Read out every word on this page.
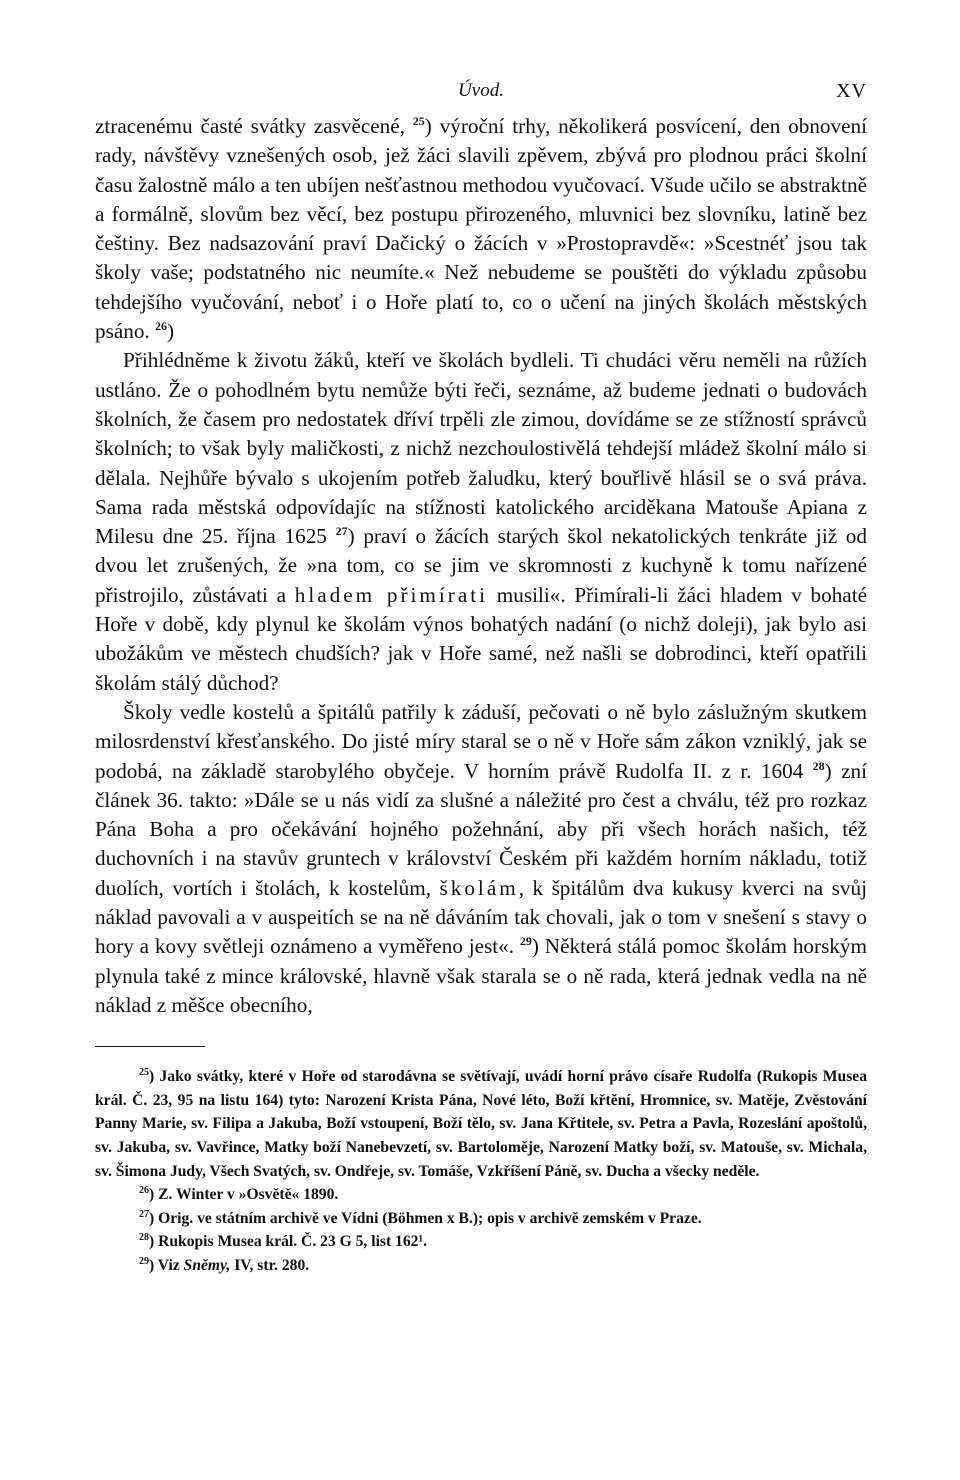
Úvod.	XV

ztracenému časté svátky zasvěcené, $^{25}$) výroční trhy, několikerá posvícení, den obnovení rady, návštěvy vznešených osob, jež žáci slavili zpěvem, zbývá pro plodnou práci školní času žalostně málo a ten ubíjen nešťastnou methodou vyučovací. Všude učilo se abstraktně a formálně, slovům bez věcí, bez postupu přirozeného, mluvnici bez slovníku, latině bez češtiny. Bez nadsazování praví Dačický o žácích v »Prostopravdě«: »Scestnéť jsou tak školy vaše; podstatného nic neumíte.« Než nebudeme se pouštěti do výkladu způsobu tehdejšího vyučování, neboť i o Hoře platí to, co o učení na jiných školách městských psáno. $^{26}$)

Přihlédněme k životu žáků, kteří ve školách bydleli. Ti chudáci věru neměli na růžích ustláno. Že o pohodlném bytu nemůže býti řeči, seznáme, až budeme jednati o budovách školních, že časem pro nedostatek dříví trpěli zle zimou, dovídáme se ze stížností správců školních; to však byly maličkosti, z nichž nezchoulostivělá tehdejší mládež školní málo si dělala. Nejhůře bývalo s ukojením potřeb žaludku, který bouřlivě hlásil se o svá práva. Sama rada městská odpovídajíc na stížnosti katolického arciděkana Matouše Apiana z Milesu dne 25. října 1625 $^{27}$) praví o žácích starých škol nekatolických tenkráte již od dvou let zrušených, že »na tom, co se jim ve skromnosti z kuchyně k tomu nařízené přistrojilo, zůstávati a hladem přimírati musili«. Přimírali-li žáci hladem v bohaté Hoře v době, kdy plynul ke školám výnos bohatých nadání (o nichž doleji), jak bylo asi ubožákům ve městech chudších? jak v Hoře samé, než našli se dobrodinci, kteří opatřili školám stálý důchod?

Školy vedle kostelů a špitálů patřily k záduší, pečovati o ně bylo záslužným skutkem milosrdenství křesťanského. Do jisté míry staral se o ně v Hoře sám zákon vzniklý, jak se podobá, na základě starobylého obyčeje. V horním právě Rudolfa II. z r. 1604 $^{28}$) zní článek 36. takto: »Dále se u nás vidí za slušné a náležité pro čest a chválu, též pro rozkaz Pána Boha a pro očekávání hojného požehnání, aby při všech horách našich, též duchovních i na stavův gruntech v království Českém při každém horním nákladu, totiž duolích, vortích i štolách, k kostelům, školám, k špitálům dva kukusy kverci na svůj náklad pavovali a v auspeitích se na ně dáváním tak chovali, jak o tom v snešení s stavy o hory a kovy světleji oznámeno a vyměřeno jest«. $^{29}$) Některá stálá pomoc školám horským plynula také z mince královské, hlavně však starala se o ně rada, která jednak vedla na ně náklad z měšce obecního,

$^{25}$) Jako svátky, které v Hoře od starodávna se světívají, uvádí horní právo císaře Rudolfa (Rukopis Musea král. Č. 23, 95 na listu 164) tyto: Narození Krista Pána, Nové léto, Boží křtění, Hromnice, sv. Matěje, Zvěstování Panny Marie, sv. Filipa a Jakuba, Boží vstoupení, Boží tělo, sv. Jana Křtitele, sv. Petra a Pavla, Rozeslání apoštolů, sv. Jakuba, sv. Vavřince, Matky boží Nanebevzetí, sv. Bartoloměje, Narození Matky boží, sv. Matouše, sv. Michala, sv. Šimona Judy, Všech Svatých, sv. Ondřeje, sv. Tomáše, Vzkříšení Páně, sv. Ducha a všecky neděle.

$^{26}$) Z. Winter v »Osvětě« 1890.

$^{27}$) Orig. ve státním archivě ve Vídni (Böhmen x B.); opis v archivě zemském v Praze.

$^{28}$) Rukopis Musea král. Č. 23 G 5, list 162¹.

$^{29}$) Viz Sněmy, IV, str. 280.
